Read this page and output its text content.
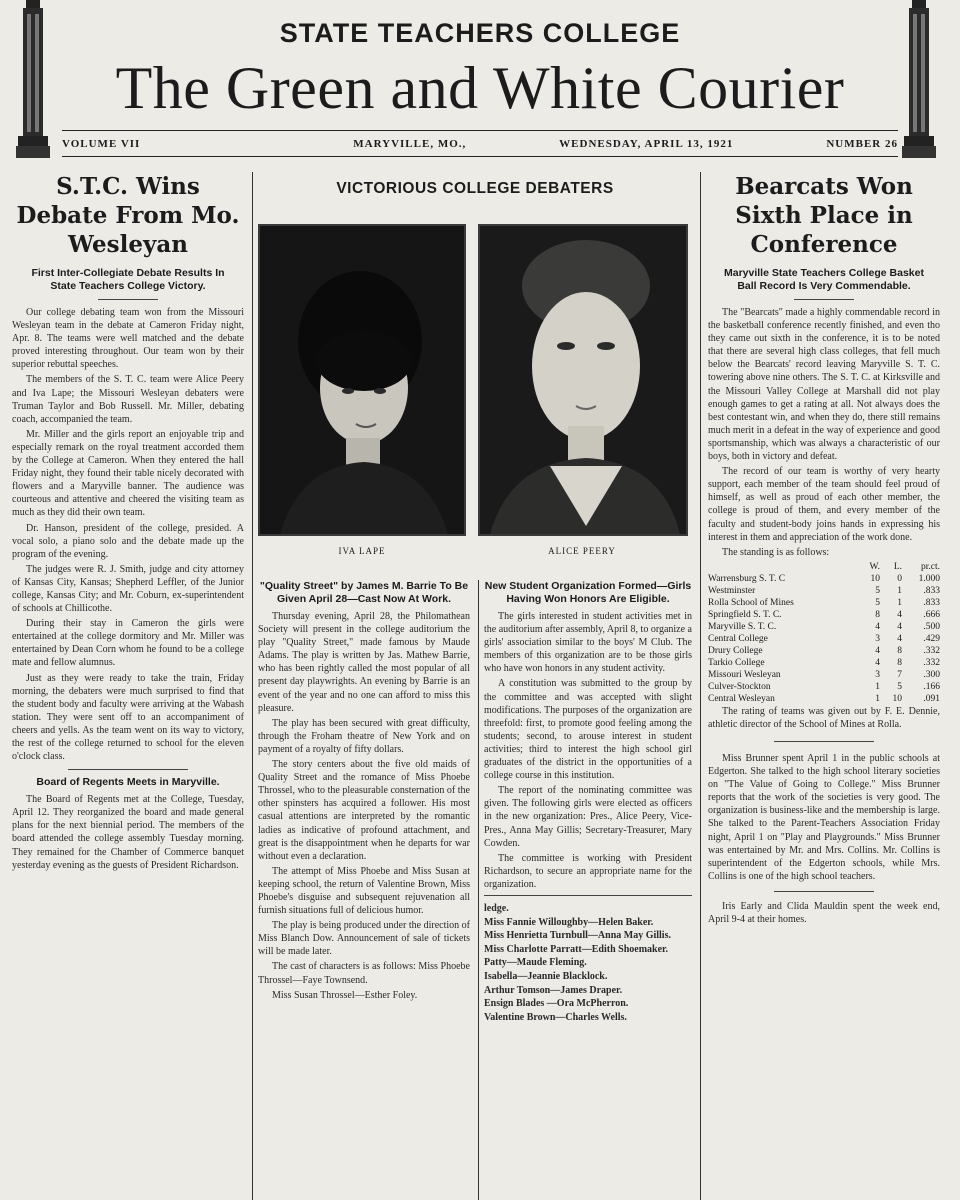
STATE TEACHERS COLLEGE
The Green and White Courier
VOLUME VII	MARYVILLE, MO.,	WEDNESDAY, APRIL 13, 1921	NUMBER 26
S.T.C. Wins Debate From Mo. Wesleyan

First Inter-Collegiate Debate Results In State Teachers College Victory.

Our college debating team won from the Missouri Wesleyan team in the debate at Cameron Friday night, Apr. 8. The teams were well matched and the debate proved interesting throughout. Our team won by their superior rebuttal speeches.

The members of the S. T. C. team were Alice Peery and Iva Lape; the Missouri Wesleyan debaters were Truman Taylor and Bob Russell. Mr. Miller, debating coach, accompanied the team.

Mr. Miller and the girls report an enjoyable trip and especially remark on the royal treatment accorded them by the College at Cameron. When they entered the hall Friday night, they found their table nicely decorated with flowers and a Maryville banner. The audience was courteous and attentive and cheered the visiting team as much as they did their own team.

Dr. Hanson, president of the college, presided. A vocal solo, a piano solo and the debate made up the program of the evening.

The judges were R. J. Smith, judge and city attorney of Kansas City, Kansas; Shepherd Leffler, of the Junior college, Kansas City; and Mr. Coburn, ex-superintendent of schools at Chillicothe.

During their stay in Cameron the girls were entertained at the college dormitory and Mr. Miller was entertained by Dean Corn whom he found to be a college mate and fellow alumnus.

Just as they were ready to take the train, Friday morning, the debaters were much surprised to find that the student body and faculty were arriving at the Wabash station. They were sent off to an accompaniment of cheers and yells. As the team went on its way to victory, the rest of the college returned to school for the eleven o'clock class.

Board of Regents Meets in Maryville.

The Board of Regents met at the College, Tuesday, April 12. They reorganized the board and made general plans for the next biennial period. The members of the board attended the college assembly Tuesday morning. They remained for the Chamber of Commerce banquet yesterday evening as the guests of President Richardson.

VICTORIOUS COLLEGE DEBATERS
IVA LAPE	ALICE PEERY

"Quality Street" by James M. Barrie To Be Given April 28—Cast Now At Work.

Thursday evening, April 28, the Philomathean Society will present in the college auditorium the play "Quality Street," made famous by Maude Adams. The play is written by Jas. Mathew Barrie, who has been rightly called the most popular of all present day playwrights. An evening by Barrie is an event of the year and no one can afford to miss this pleasure.

The play has been secured with great difficulty, through the Froham theatre of New York and on payment of a royalty of fifty dollars.

The story centers about the five old maids of Quality Street and the romance of Miss Phoebe Throssel, who to the pleasurable consternation of the other spinsters has acquired a follower. His most casual attentions are interpreted by the romantic ladies as indicative of profound attachment, and great is the disappointment when he departs for war without even a declaration.

The attempt of Miss Phoebe and Miss Susan at keeping school, the return of Valentine Brown, Miss Phoebe's disguise and subsequent rejuvenation all furnish situations full of delicious humor.

The play is being produced under the direction of Miss Blanch Dow. Announcement of sale of tickets will be made later.

The cast of characters is as follows: Miss Phoebe Throssel—Faye Townsend.

Miss Susan Throssel—Esther Foley.

New Student Organization Formed—Girls Having Won Honors Are Eligible.

The girls interested in student activities met in the auditorium after assembly, April 8, to organize a girls' association similar to the boys' M Club. The members of this organization are to be those girls who have won honors in any student activity.

A constitution was submitted to the group by the committee and was accepted with slight modifications. The purposes of the organization are threefold: first, to promote good feeling among the students; second, to arouse interest in student activities; third to interest the high school girl graduates of the district in the opportunities of a college course in this institution.

The report of the nominating committee was given. The following girls were elected as officers in the new organization: Pres., Alice Peery, Vice-Pres., Anna May Gillis; Secretary-Treasurer, Mary Cowden.

The committee is working with President Richardson, to secure an appropriate name for the organization.

ledge.

Miss Fannie Willoughby—Helen Baker.

Miss Henrietta Turnbull—Anna May Gillis.

Miss Charlotte Parratt—Edith Shoemaker.

Patty—Maude Fleming.

Isabella—Jeannie Blacklock.

Arthur Tomson—James Draper.

Ensign Blades —Ora McPherron.

Valentine Brown—Charles Wells.

Bearcats Won Sixth Place in Conference

Maryville State Teachers College Basket Ball Record Is Very Commendable.

The "Bearcats" made a highly commendable record in the basketball conference recently finished, and even tho they came out sixth in the conference, it is to be noted that there are several high class colleges, that fell much below the Bearcats' record leaving Maryville S. T. C. towering above nine others. The S. T. C. at Kirksville and the Missouri Valley College at Marshall did not play enough games to get a rating at all. Not always does the best contestant win, and when they do, there still remains much merit in a defeat in the way of experience and good sportsmanship, which was always a characteristic of our boys, both in victory and defeat.

The record of our team is worthy of very hearty support, each member of the team should feel proud of himself, as well as proud of each other member, the college is proud of them, and every member of the faculty and student-body joins hands in expressing his interest in them and appreciation of the work done.

The standing is as follows:

	W.	L.	pr.ct.
Warrensburg S. T. C	10	0	1.000
Westminster	5	1	.833
Rolla School of Mines	5	1	.833
Springfield S. T. C.	8	4	.666
Maryville S. T. C.	4	4	.500
Central College	3	4	.429
Drury College	4	8	.332
Tarkio College	4	8	.332
Missouri Wesleyan	3	7	.300
Culver-Stockton	1	5	.166
Central Wesleyan	1	10	.091

The rating of teams was given out by F. E. Dennie, athletic director of the School of Mines at Rolla.

Miss Brunner spent April 1 in the public schools at Edgerton. She talked to the high school literary societies on "The Value of Going to College." Miss Brunner reports that the work of the societies is very good. The organization is business-like and the membership is large. She talked to the Parent-Teachers Association Friday night, April 1 on "Play and Playgrounds." Miss Brunner was entertained by Mr. and Mrs. Collins. Mr. Collins is superintendent of the Edgerton schools, while Mrs. Collins is one of the high school teachers.

Iris Early and Clida Mauldin spent the week end, April 9-4 at their homes.
